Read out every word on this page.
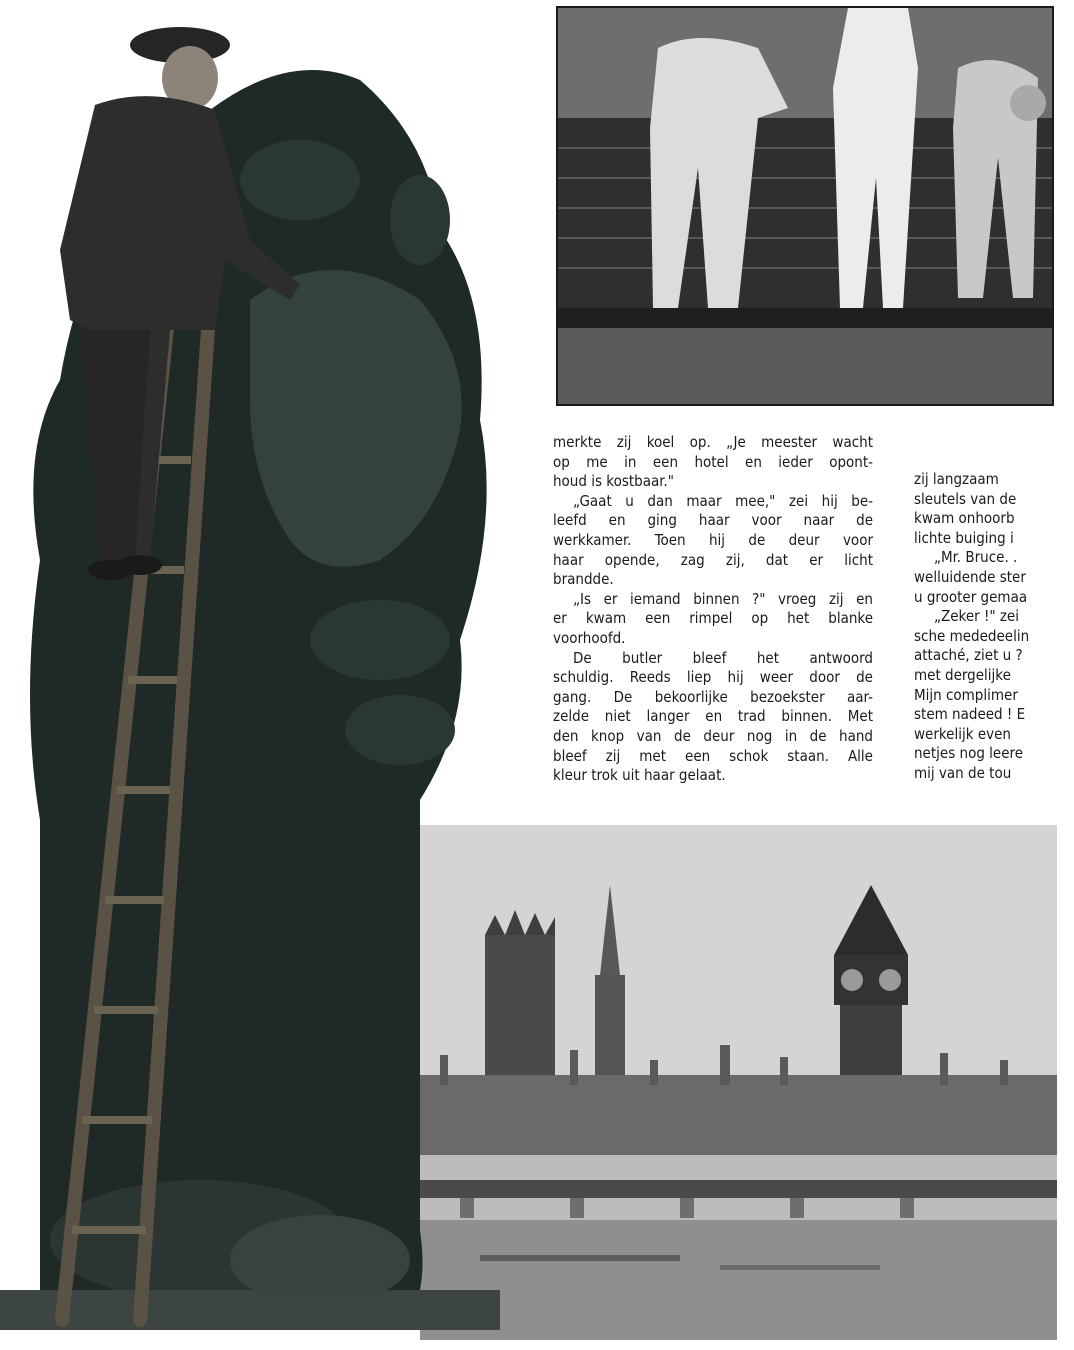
merkte zij koel op. „Je meester wacht
op me in een hotel en ieder opont-
houd is kostbaar."
„Gaat u dan maar mee," zei hij be-
leefd en ging haar voor naar de
werkkamer. Toen hij de deur voor
haar opende, zag zij, dat er licht
brandde.
„Is er iemand binnen ?" vroeg zij en
er kwam een rimpel op het blanke
voorhoofd.
De butler bleef het antwoord
schuldig. Reeds liep hij weer door de
gang. De bekoorlijke bezoekster aar-
zelde niet langer en trad binnen. Met
den knop van de deur nog in de hand
bleef zij met een schok staan. Alle
kleur trok uit haar gelaat.
zij langzaam
sleutels van de
kwam onhoorb
lichte buiging i
„Mr. Bruce. .
welluidende ster
u grooter gemaa
„Zeker !" zei
sche mededeelin
attaché, ziet u ?
met dergelijke
Mijn complimer
stem nadeed ! E
werkelijk even
netjes nog leere
mij van de tou
